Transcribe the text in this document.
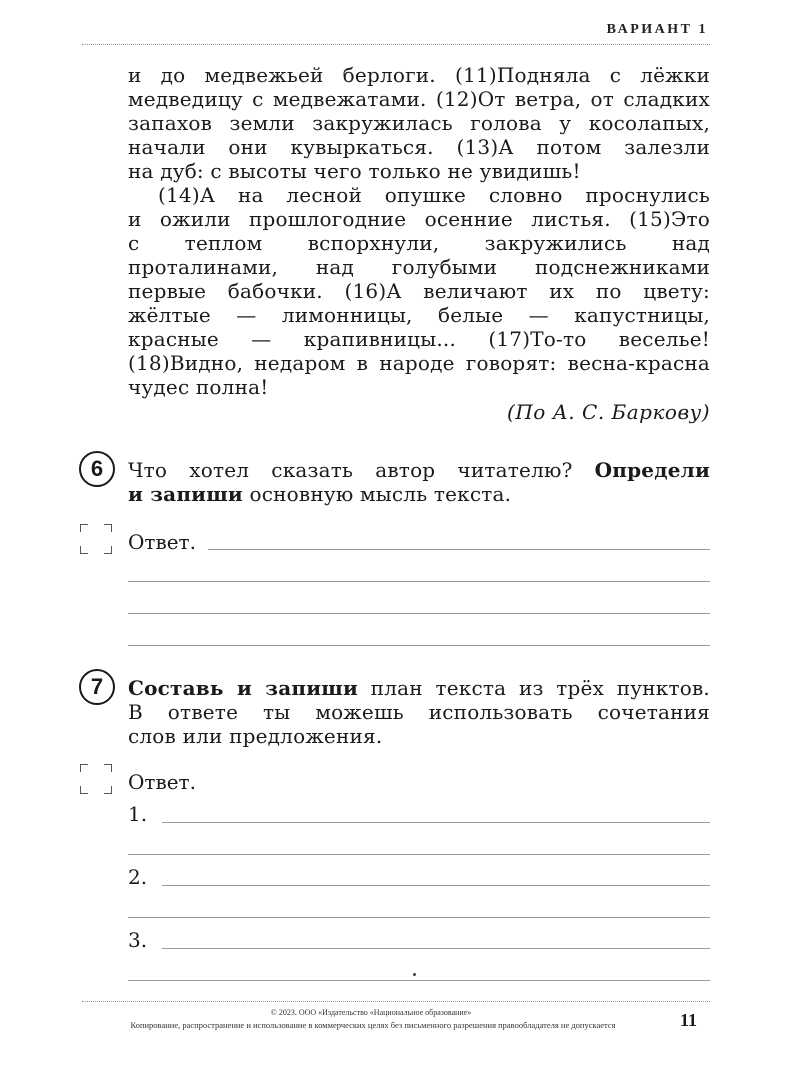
ВАРИАНТ 1
и до медвежьей берлоги. (11)Подняла с лёжки
медведицу с медвежатами. (12)От ветра, от сладких
запахов земли закружилась голова у косолапых,
начали они кувыркаться. (13)А потом залезли
на дуб: с высоты чего только не увидишь!
(14)А на лесной опушке словно проснулись
и ожили прошлогодние осенние листья. (15)Это
с теплом вспорхнули, закружились над
проталинами, над голубыми подснежниками
первые бабочки. (16)А величают их по цвету:
жёлтые — лимонницы, белые — капустницы,
красные — крапивницы... (17)То-то веселье!
(18)Видно, недаром в народе говорят: весна-красна
чудес полна!
(По А. С. Баркову)
6	Что хотел сказать автор читателю? Определи
и запиши основную мысль текста.
Ответ.
7	Составь и запиши план текста из трёх пунктов.
В ответе ты можешь использовать сочетания
слов или предложения.
Ответ.
1.
2.
3.
© 2023. ООО «Издательство «Национальное образование»
Копирование, распространение и использование в коммерческих целях без письменного разрешения правообладателя не допускается	11
